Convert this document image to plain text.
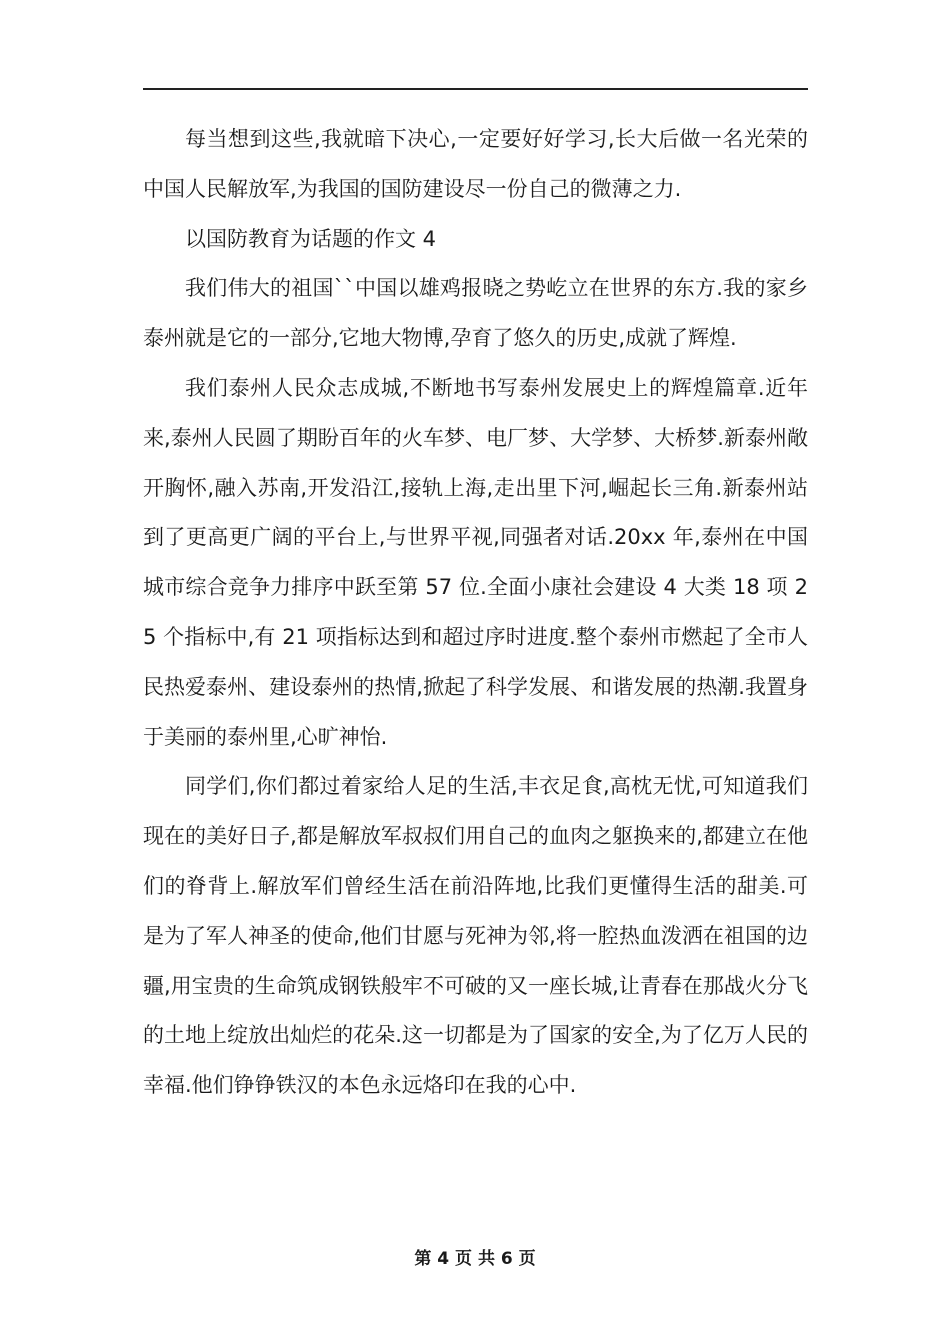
每当想到这些,我就暗下决心,一定要好好学习,长大后做一名光荣的中国人民解放军,为我国的国防建设尽一份自己的微薄之力.

以国防教育为话题的作文 4

我们伟大的祖国``中国以雄鸡报晓之势屹立在世界的东方.我的家乡泰州就是它的一部分,它地大物博,孕育了悠久的历史,成就了辉煌.

我们泰州人民众志成城,不断地书写泰州发展史上的辉煌篇章.近年来,泰州人民圆了期盼百年的火车梦、电厂梦、大学梦、大桥梦.新泰州敞开胸怀,融入苏南,开发沿江,接轨上海,走出里下河,崛起长三角.新泰州站到了更高更广阔的平台上,与世界平视,同强者对话.20xx 年,泰州在中国城市综合竞争力排序中跃至第 57 位.全面小康社会建设 4 大类 18 项 25 个指标中,有 21 项指标达到和超过序时进度.整个泰州市燃起了全市人民热爱泰州、建设泰州的热情,掀起了科学发展、和谐发展的热潮.我置身于美丽的泰州里,心旷神怡.

同学们,你们都过着家给人足的生活,丰衣足食,高枕无忧,可知道我们现在的美好日子,都是解放军叔叔们用自己的血肉之躯换来的,都建立在他们的脊背上.解放军们曾经生活在前沿阵地,比我们更懂得生活的甜美.可是为了军人神圣的使命,他们甘愿与死神为邻,将一腔热血泼洒在祖国的边疆,用宝贵的生命筑成钢铁般牢不可破的又一座长城,让青春在那战火分飞的土地上绽放出灿烂的花朵.这一切都是为了国家的安全,为了亿万人民的幸福.他们铮铮铁汉的本色永远烙印在我的心中.

第 4 页 共 6 页
